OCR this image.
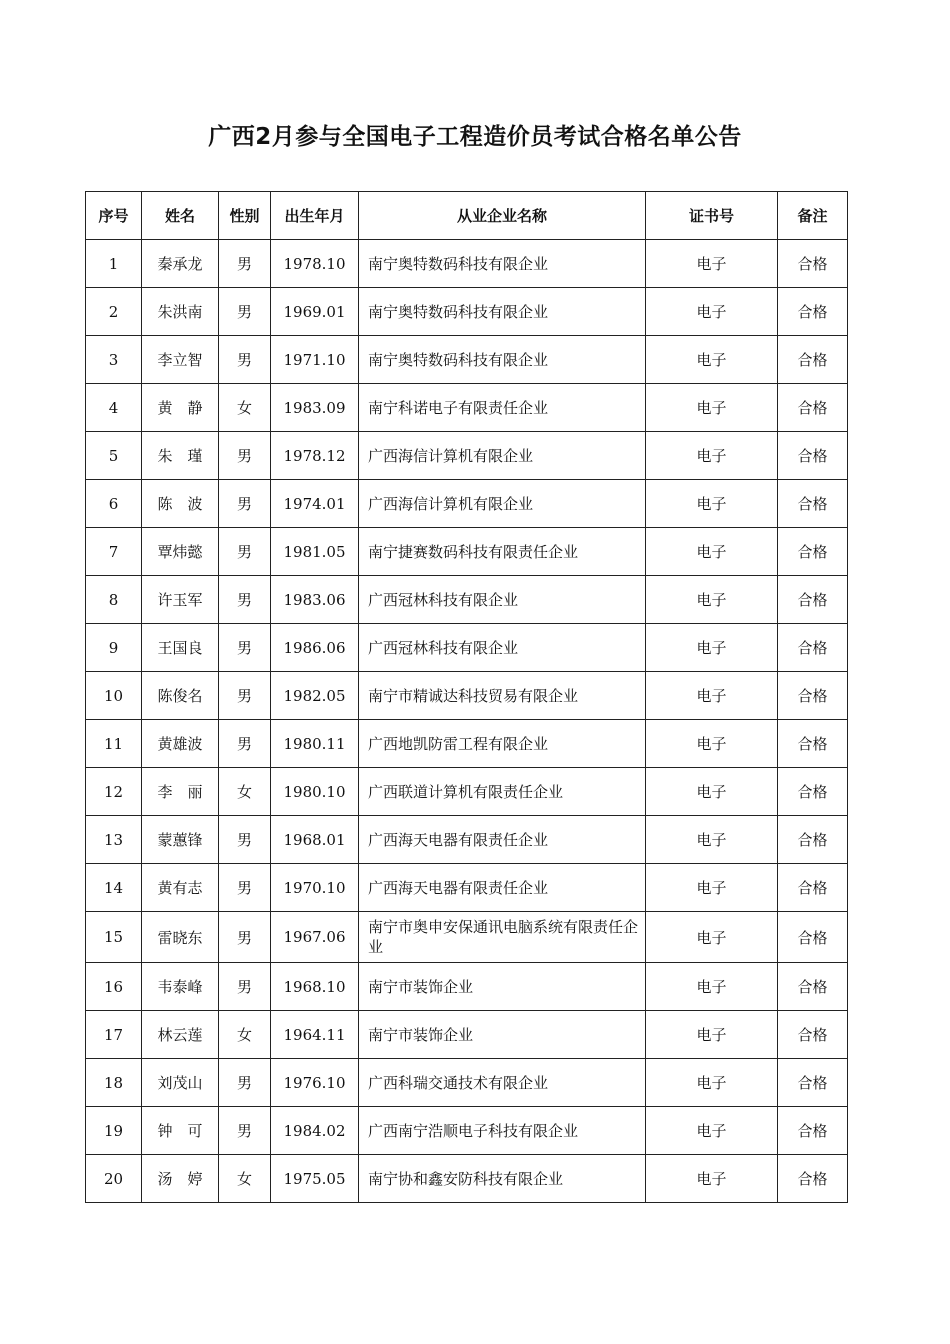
广西2月参与全国电子工程造价员考试合格名单公告
序号	姓名	性别	出生年月	从业企业名称	证书号	备注
1	秦承龙	男	1978.10	南宁奥特数码科技有限企业	电子	合格
2	朱洪南	男	1969.01	南宁奥特数码科技有限企业	电子	合格
3	李立智	男	1971.10	南宁奥特数码科技有限企业	电子	合格
4	黄　静	女	1983.09	南宁科诺电子有限责任企业	电子	合格
5	朱　瑾	男	1978.12	广西海信计算机有限企业	电子	合格
6	陈　波	男	1974.01	广西海信计算机有限企业	电子	合格
7	覃炜懿	男	1981.05	南宁捷赛数码科技有限责任企业	电子	合格
8	许玉军	男	1983.06	广西冠林科技有限企业	电子	合格
9	王国良	男	1986.06	广西冠林科技有限企业	电子	合格
10	陈俊名	男	1982.05	南宁市精诚达科技贸易有限企业	电子	合格
11	黄雄波	男	1980.11	广西地凯防雷工程有限企业	电子	合格
12	李　丽	女	1980.10	广西联道计算机有限责任企业	电子	合格
13	蒙蕙锋	男	1968.01	广西海天电器有限责任企业	电子	合格
14	黄有志	男	1970.10	广西海天电器有限责任企业	电子	合格
15	雷晓东	男	1967.06	南宁市奥申安保通讯电脑系统有限责任企业	电子	合格
16	韦泰峰	男	1968.10	南宁市装饰企业	电子	合格
17	林云莲	女	1964.11	南宁市装饰企业	电子	合格
18	刘茂山	男	1976.10	广西科瑞交通技术有限企业	电子	合格
19	钟　可	男	1984.02	广西南宁浩顺电子科技有限企业	电子	合格
20	汤　婷	女	1975.05	南宁协和鑫安防科技有限企业	电子	合格
